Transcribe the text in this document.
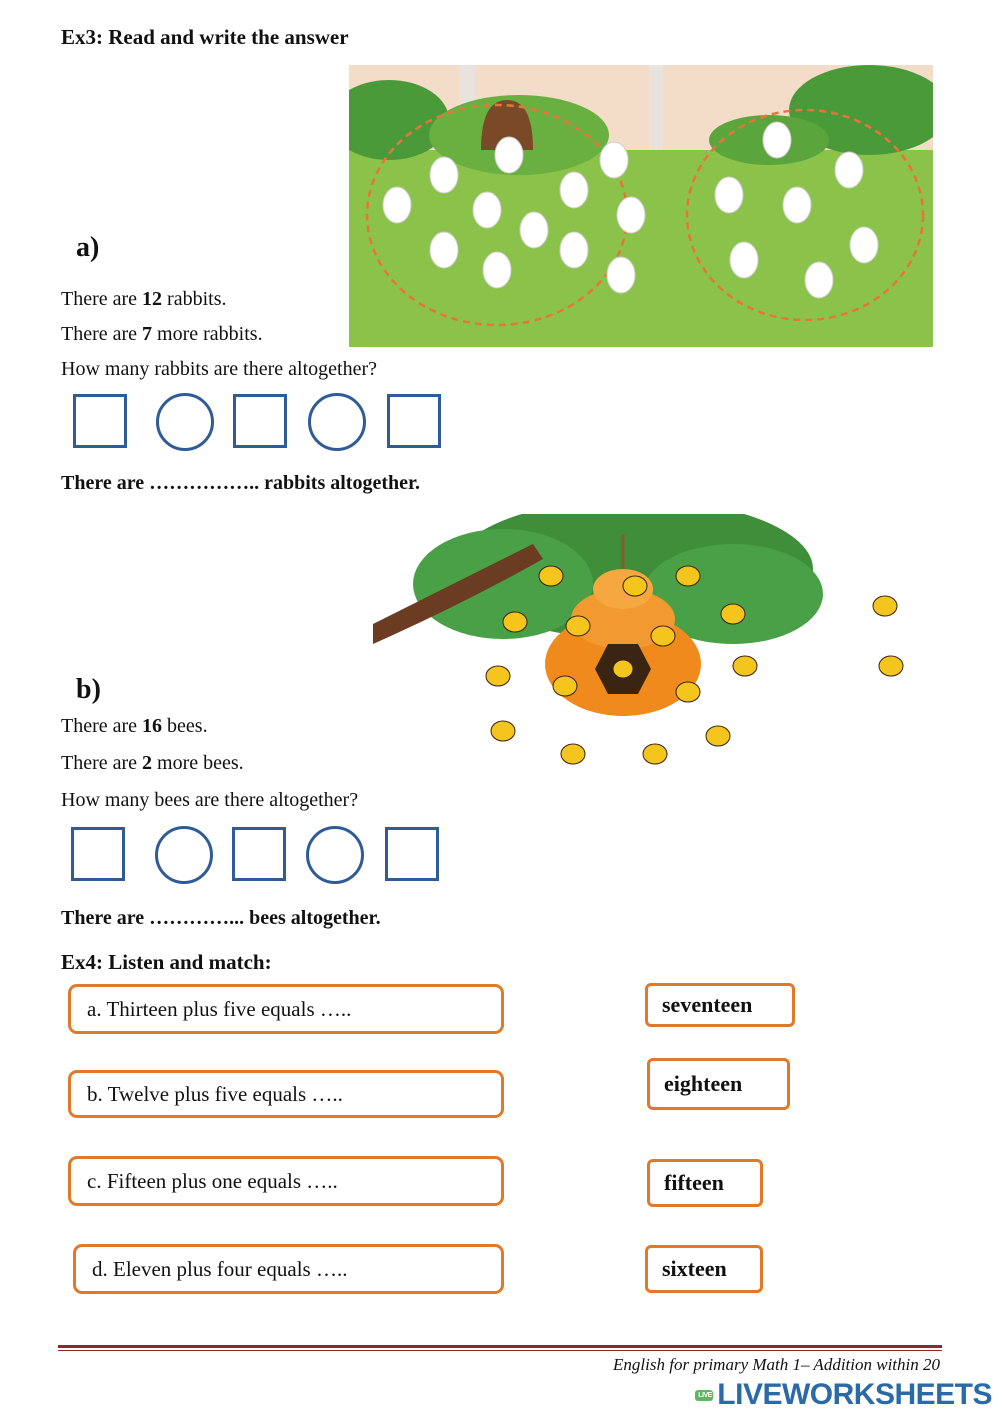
Ex3: Read and write the answer
a)
There are 12 rabbits.
There are 7 more rabbits.
How many rabbits are there altogether?
There are …………….. rabbits altogether.
b)
There are 16 bees.
There are 2 more bees.
How many bees are there altogether?
There are …………... bees altogether.
Ex4: Listen and match:
a. Thirteen plus five equals …..
b. Twelve plus five equals …..
c. Fifteen plus one equals …..
d. Eleven plus four equals …..
seventeen
eighteen
fifteen
sixteen
English for primary Math 1– Addition within 20
LIVE LIVEWORKSHEETS
